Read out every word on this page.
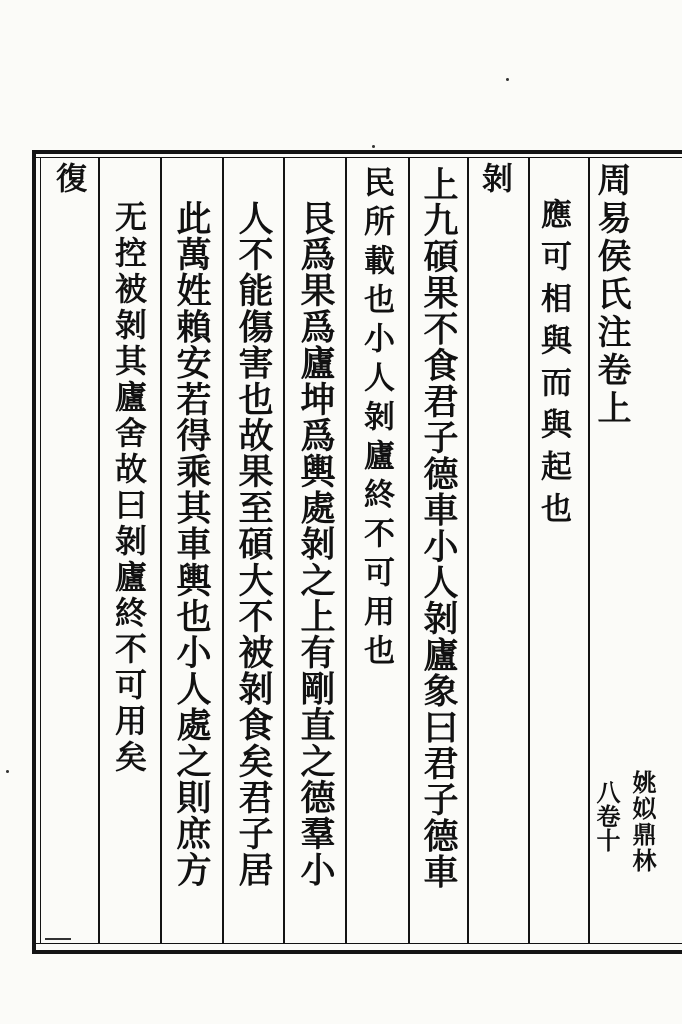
周易侯氏注卷上
八卷十 姚姒鼎林
應可相與而與起也
剝
上九碩果不食君子德車小人剝廬象曰君子德車
民所載也小人剝廬終不可用也
艮爲果爲廬坤爲輿處剝之上有剛直之德羣小
人不能傷害也故果至碩大不被剝食矣君子居
此萬姓賴安若得乘其車輿也小人處之則庶方
无控被剝其廬舍故曰剝廬終不可用矣
復
